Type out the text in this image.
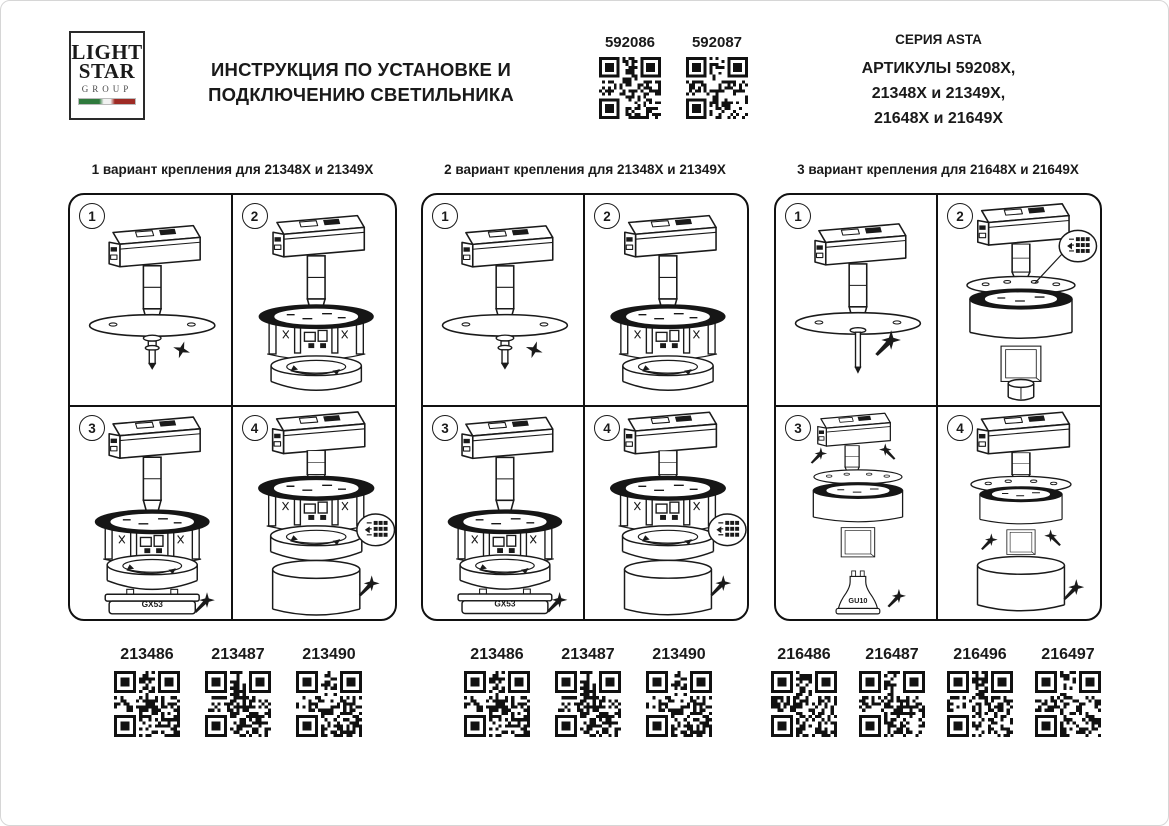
LIGHT
STAR
GROUP
ИНСТРУКЦИЯ ПО УСТАНОВКЕ И
ПОДКЛЮЧЕНИЮ СВЕТИЛЬНИКА
592086	592087	СЕРИЯ ASTA
АРТИКУЛЫ 59208X,
21348X и 21349X,
21648X и 21649X
1 вариант крепления для 21348X и 21349X	2 вариант крепления для 21348X и 21349X	3 вариант крепления для 21648X и 21649X
1	2
3
GX53
4
1	2
3
GX53
4
1	2
3
GU10
4
213486	213487	213490	213486	213487	213490	216486	216487	216496	216497
